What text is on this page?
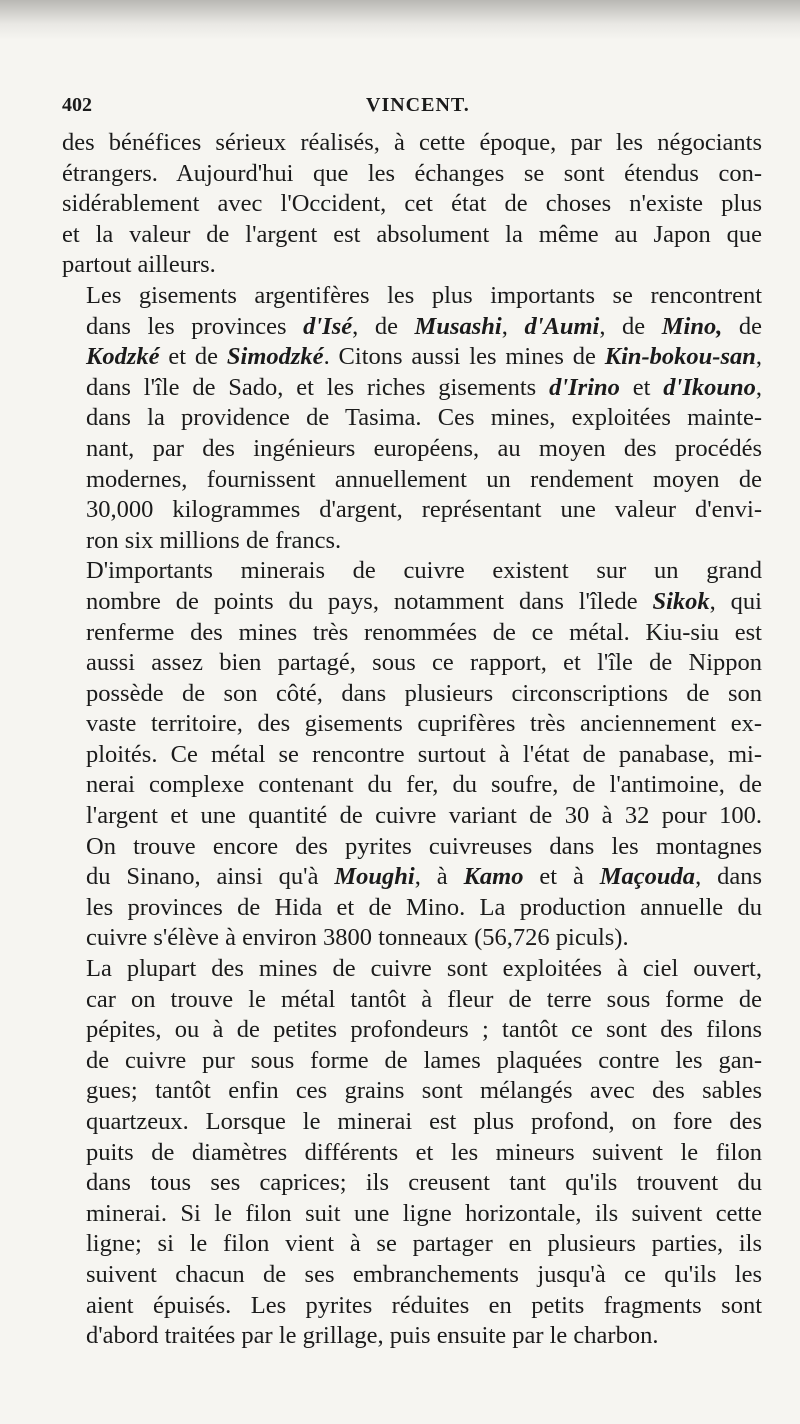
402	VINCENT.

des bénéfices sérieux réalisés, à cette époque, par les négociants
étrangers. Aujourd'hui que les échanges se sont étendus con-
sidérablement avec l'Occident, cet état de choses n'existe plus
et la valeur de l'argent est absolument la même au Japon que
partout ailleurs.

Les gisements argentifères les plus importants se rencontrent
dans les provinces d'Isé, de Musashi, d'Aumi, de Mino, de
Kodzké et de Simodzké. Citons aussi les mines de Kin-bokou-san,
dans l'île de Sado, et les riches gisements d'Irino et d'Ikouno,
dans la providence de Tasima. Ces mines, exploitées mainte-
nant, par des ingénieurs européens, au moyen des procédés
modernes, fournissent annuellement un rendement moyen de
30,000 kilogrammes d'argent, représentant une valeur d'envi-
ron six millions de francs.

D'importants minerais de cuivre existent sur un grand
nombre de points du pays, notamment dans l'îlede Sikok, qui
renferme des mines très renommées de ce métal. Kiu-siu est
aussi assez bien partagé, sous ce rapport, et l'île de Nippon
possède de son côté, dans plusieurs circonscriptions de son
vaste territoire, des gisements cuprifères très anciennement ex-
ploités. Ce métal se rencontre surtout à l'état de panabase, mi-
nerai complexe contenant du fer, du soufre, de l'antimoine, de
l'argent et une quantité de cuivre variant de 30 à 32 pour 100.
On trouve encore des pyrites cuivreuses dans les montagnes
du Sinano, ainsi qu'à Moughi, à Kamo et à Maçouda, dans
les provinces de Hida et de Mino. La production annuelle du
cuivre s'élève à environ 3800 tonneaux (56,726 piculs).

La plupart des mines de cuivre sont exploitées à ciel ouvert,
car on trouve le métal tantôt à fleur de terre sous forme de
pépites, ou à de petites profondeurs ; tantôt ce sont des filons
de cuivre pur sous forme de lames plaquées contre les gan-
gues; tantôt enfin ces grains sont mélangés avec des sables
quartzeux. Lorsque le minerai est plus profond, on fore des
puits de diamètres différents et les mineurs suivent le filon
dans tous ses caprices; ils creusent tant qu'ils trouvent du
minerai. Si le filon suit une ligne horizontale, ils suivent cette
ligne; si le filon vient à se partager en plusieurs parties, ils
suivent chacun de ses embranchements jusqu'à ce qu'ils les
aient épuisés. Les pyrites réduites en petits fragments sont
d'abord traitées par le grillage, puis ensuite par le charbon.
